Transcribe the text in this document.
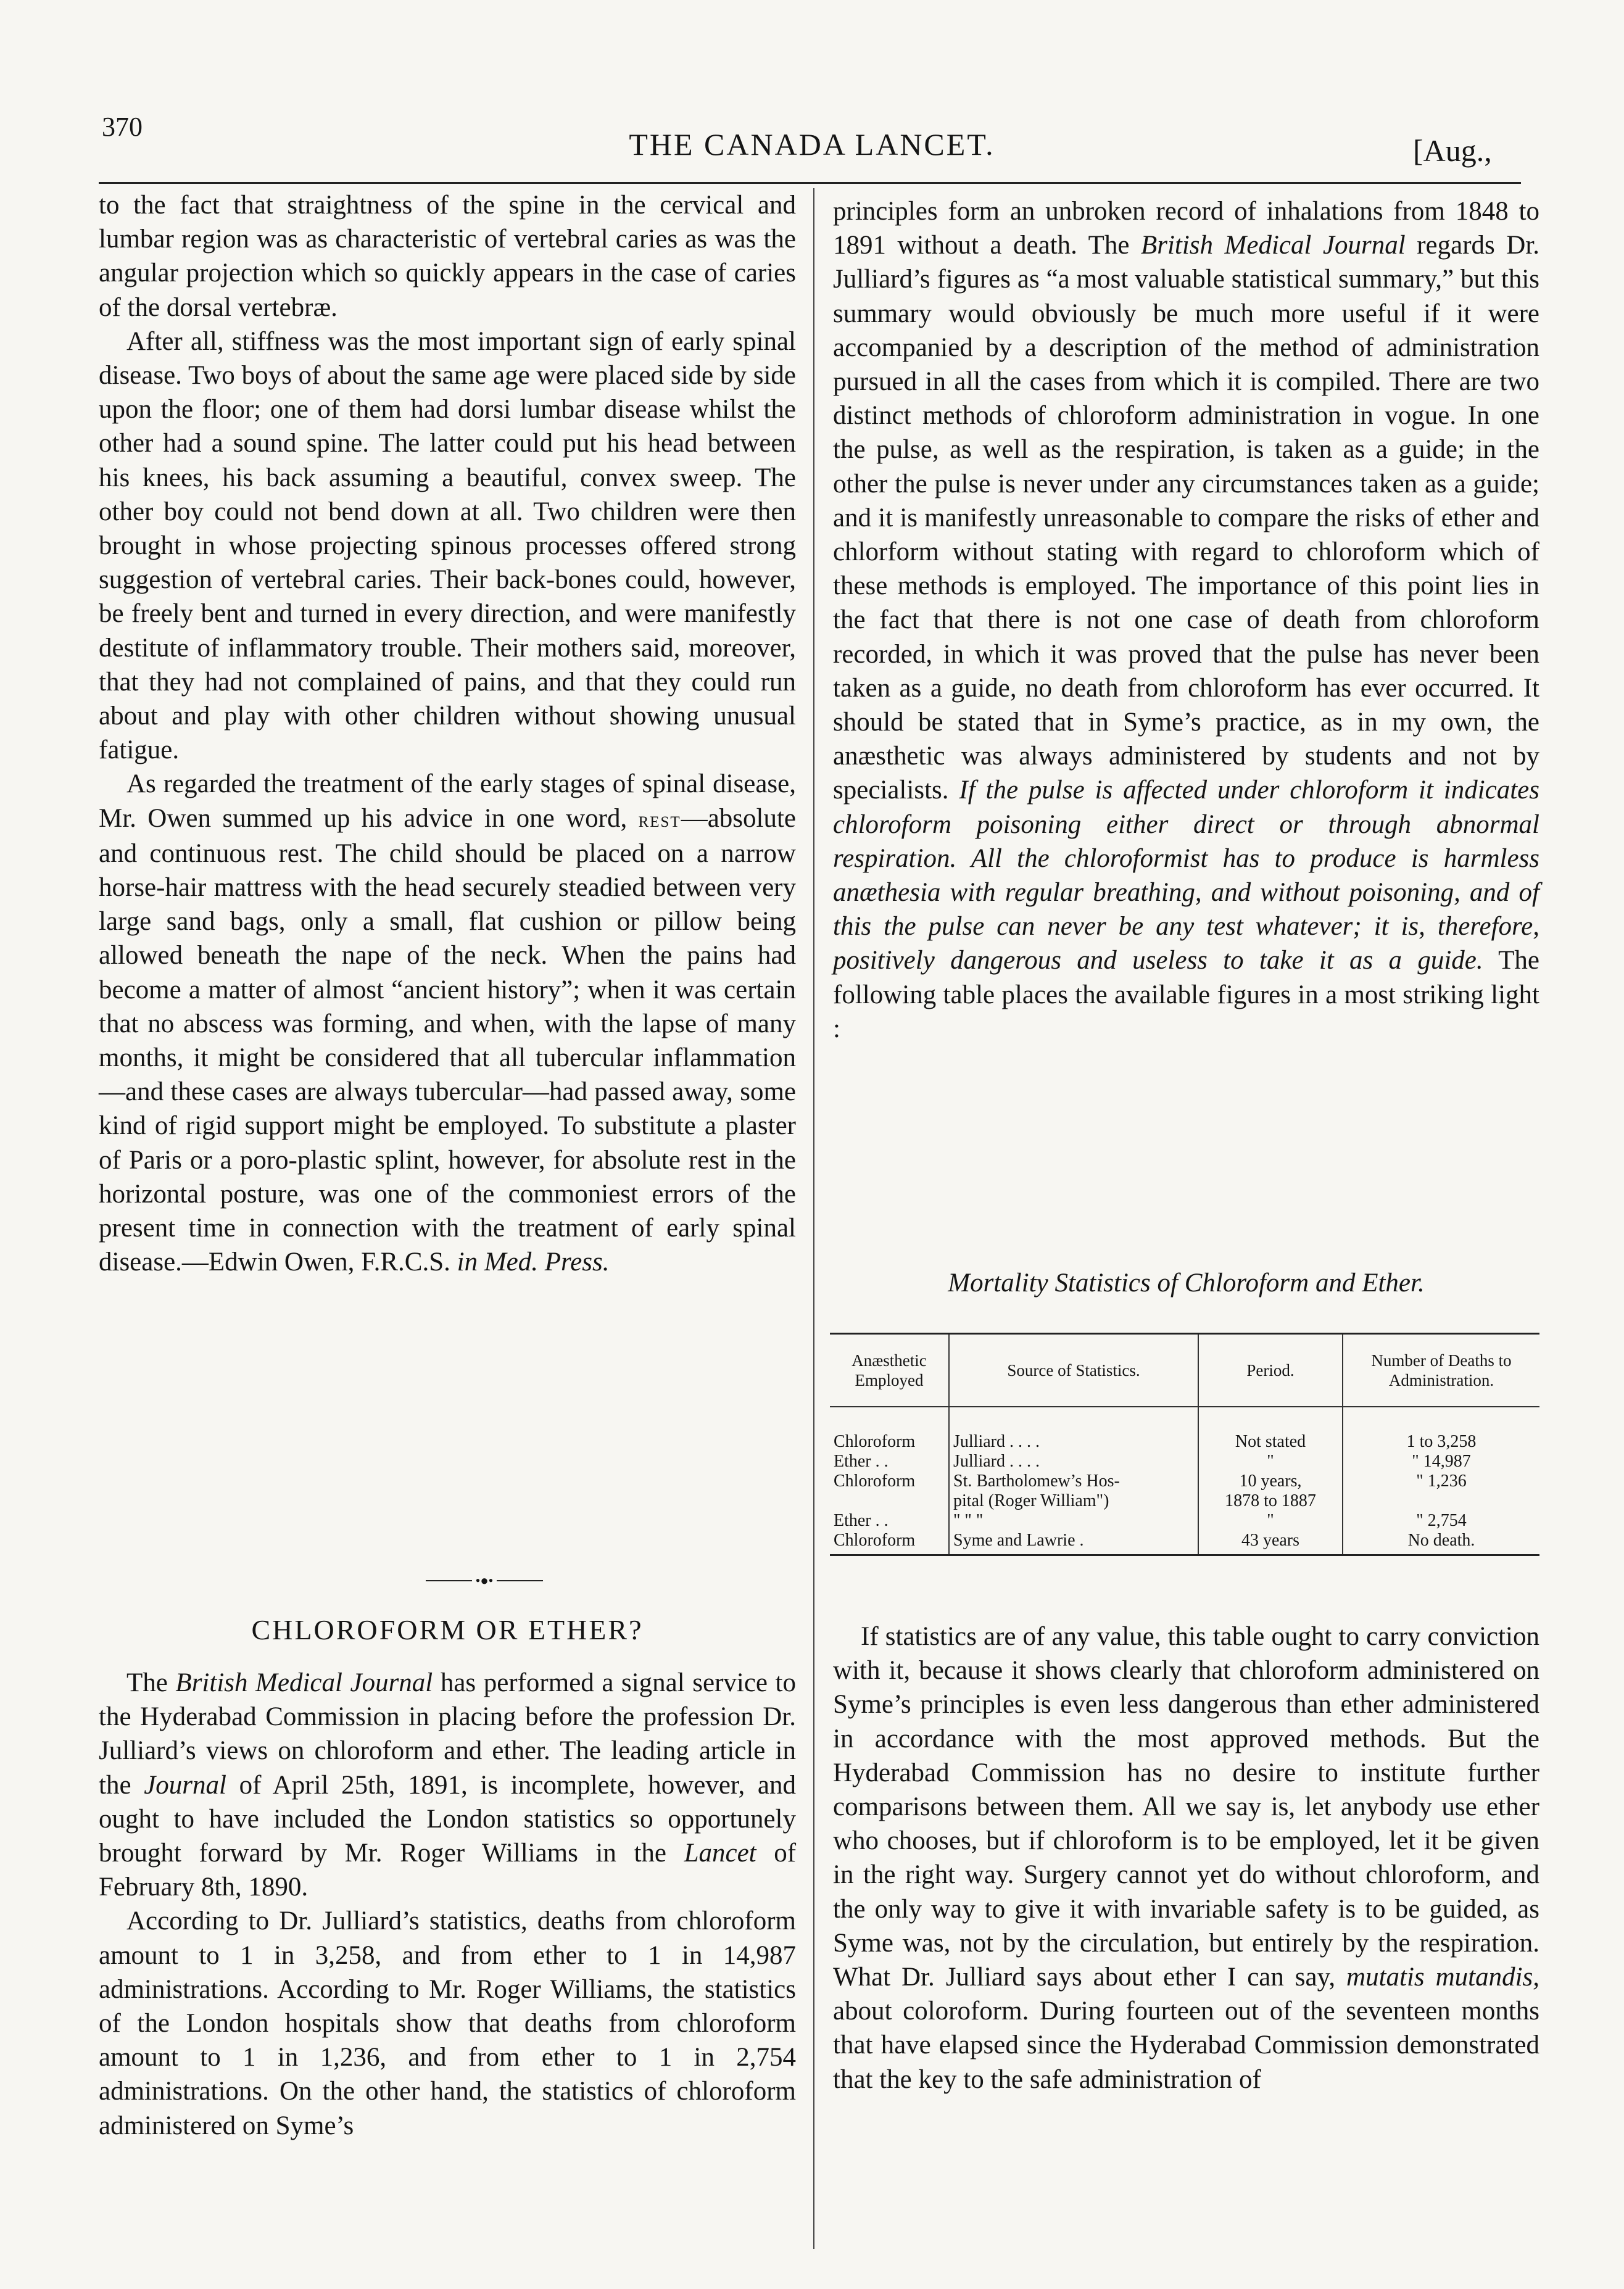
370
THE CANADA LANCET.	[Aug.,

to the fact that straightness of the spine in the cervical and lumbar region was as characteristic of vertebral caries as was the angular projection which so quickly appears in the case of caries of the dorsal vertebræ.

After all, stiffness was the most important sign of early spinal disease. Two boys of about the same age were placed side by side upon the floor; one of them had dorsi lumbar disease whilst the other had a sound spine. The latter could put his head between his knees, his back assuming a beautiful, convex sweep. The other boy could not bend down at all. Two children were then brought in whose projecting spinous processes offered strong suggestion of vertebral caries. Their back-bones could, however, be freely bent and turned in every direction, and were manifestly destitute of inflammatory trouble. Their mothers said, moreover, that they had not complained of pains, and that they could run about and play with other children without showing unusual fatigue.

As regarded the treatment of the early stages of spinal disease, Mr. Owen summed up his advice in one word, rest—absolute and continuous rest. The child should be placed on a narrow horse-hair mattress with the head securely steadied between very large sand bags, only a small, flat cushion or pillow being allowed beneath the nape of the neck. When the pains had become a matter of almost “ancient history”; when it was certain that no abscess was forming, and when, with the lapse of many months, it might be considered that all tubercular inflammation—and these cases are always tubercular—had passed away, some kind of rigid support might be employed. To substitute a plaster of Paris or a poro-plastic splint, however, for absolute rest in the horizontal posture, was one of the commoniest errors of the present time in connection with the treatment of early spinal disease.—Edwin Owen, F.R.C.S. in Med. Press.

•●•
CHLOROFORM OR ETHER?

The British Medical Journal has performed a signal service to the Hyderabad Commission in placing before the profession Dr. Julliard’s views on chloroform and ether. The leading article in the Journal of April 25th, 1891, is incomplete, however, and ought to have included the London statistics so opportunely brought forward by Mr. Roger Williams in the Lancet of February 8th, 1890.

According to Dr. Julliard’s statistics, deaths from chloroform amount to 1 in 3,258, and from ether to 1 in 14,987 administrations. According to Mr. Roger Williams, the statistics of the London hospitals show that deaths from chloroform amount to 1 in 1,236, and from ether to 1 in 2,754 administrations. On the other hand, the statistics of chloroform administered on Syme’s

principles form an unbroken record of inhalations from 1848 to 1891 without a death. The British Medical Journal regards Dr. Julliard’s figures as “a most valuable statistical summary,” but this summary would obviously be much more useful if it were accompanied by a description of the method of administration pursued in all the cases from which it is compiled. There are two distinct methods of chloroform administration in vogue. In one the pulse, as well as the respiration, is taken as a guide; in the other the pulse is never under any circumstances taken as a guide; and it is manifestly unreasonable to compare the risks of ether and chlorform without stating with regard to chloroform which of these methods is employed. The importance of this point lies in the fact that there is not one case of death from chloroform recorded, in which it was proved that the pulse has never been taken as a guide, no death from chloroform has ever occurred. It should be stated that in Syme’s practice, as in my own, the anæsthetic was always administered by students and not by specialists. If the pulse is affected under chloroform it indicates chloroform poisoning either direct or through abnormal respiration. All the chloroformist has to produce is harmless anæthesia with regular breathing, and without poisoning, and of this the pulse can never be any test whatever; it is, therefore, positively dangerous and useless to take it as a guide. The following table places the available figures in a most striking light :

Mortality Statistics of Chloroform and Ether.
Anæsthetic Employed	Source of Statistics.	Period.	Number of Deaths to Administration.
Chloroform	Julliard . . . .	Not stated	1 to 3,258
Ether . .	Julliard . . . .	"	" 14,987
Chloroform	St. Bartholomew’s Hos-	10 years,	" 1,236
	pital (Roger William")	1878 to 1887	
Ether . .	" " "	"	" 2,754
Chloroform	Syme and Lawrie .	43 years	No death.

If statistics are of any value, this table ought to carry conviction with it, because it shows clearly that chloroform administered on Syme’s principles is even less dangerous than ether administered in accordance with the most approved methods. But the Hyderabad Commission has no desire to institute further comparisons between them. All we say is, let anybody use ether who chooses, but if chloroform is to be employed, let it be given in the right way. Surgery cannot yet do without chloroform, and the only way to give it with invariable safety is to be guided, as Syme was, not by the circulation, but entirely by the respiration. What Dr. Julliard says about ether I can say, mutatis mutandis, about coloroform. During fourteen out of the seventeen months that have elapsed since the Hyderabad Commission demonstrated that the key to the safe administration of
